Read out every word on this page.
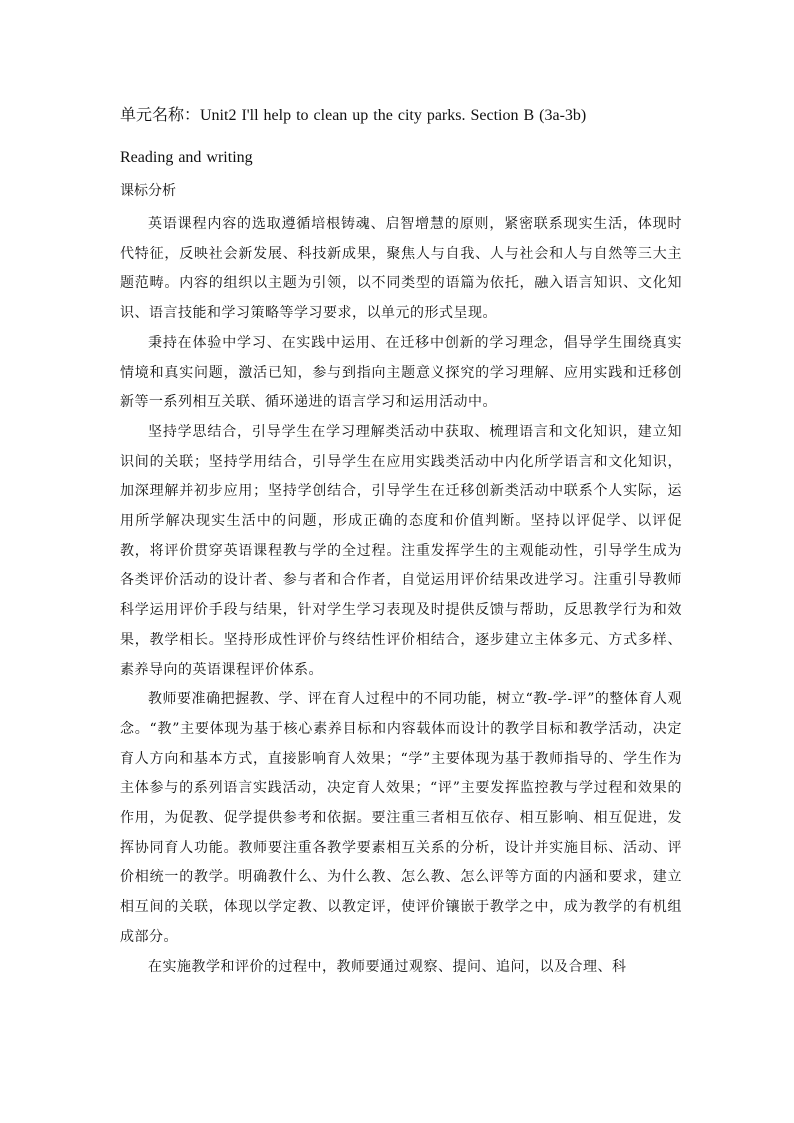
单元名称：Unit2 I'll help to clean up the city parks. Section B (3a-3b)
Reading and writing
课标分析

英语课程内容的选取遵循培根铸魂、启智增慧的原则，紧密联系现实生活，体现时代特征，反映社会新发展、科技新成果，聚焦人与自我、人与社会和人与自然等三大主题范畴。内容的组织以主题为引领，以不同类型的语篇为依托，融入语言知识、文化知识、语言技能和学习策略等学习要求，以单元的形式呈现。

秉持在体验中学习、在实践中运用、在迁移中创新的学习理念，倡导学生围绕真实情境和真实问题，激活已知，参与到指向主题意义探究的学习理解、应用实践和迁移创新等一系列相互关联、循环递进的语言学习和运用活动中。

坚持学思结合，引导学生在学习理解类活动中获取、梳理语言和文化知识，建立知识间的关联；坚持学用结合，引导学生在应用实践类活动中内化所学语言和文化知识，加深理解并初步应用；坚持学创结合，引导学生在迁移创新类活动中联系个人实际，运用所学解决现实生活中的问题，形成正确的态度和价值判断。坚持以评促学、以评促教，将评价贯穿英语课程教与学的全过程。注重发挥学生的主观能动性，引导学生成为各类评价活动的设计者、参与者和合作者，自觉运用评价结果改进学习。注重引导教师科学运用评价手段与结果，针对学生学习表现及时提供反馈与帮助，反思教学行为和效果，教学相长。坚持形成性评价与终结性评价相结合，逐步建立主体多元、方式多样、素养导向的英语课程评价体系。

教师要准确把握教、学、评在育人过程中的不同功能，树立“教-学-评”的整体育人观念。“教”主要体现为基于核心素养目标和内容载体而设计的教学目标和教学活动，决定育人方向和基本方式，直接影响育人效果；“学”主要体现为基于教师指导的、学生作为主体参与的系列语言实践活动，决定育人效果；“评”主要发挥监控教与学过程和效果的作用，为促教、促学提供参考和依据。要注重三者相互依存、相互影响、相互促进，发挥协同育人功能。教师要注重各教学要素相互关系的分析，设计并实施目标、活动、评价相统一的教学。明确教什么、为什么教、怎么教、怎么评等方面的内涵和要求，建立相互间的关联，体现以学定教、以教定评，使评价镶嵌于教学之中，成为教学的有机组成部分。

在实施教学和评价的过程中，教师要通过观察、提问、追问，以及合理、科
